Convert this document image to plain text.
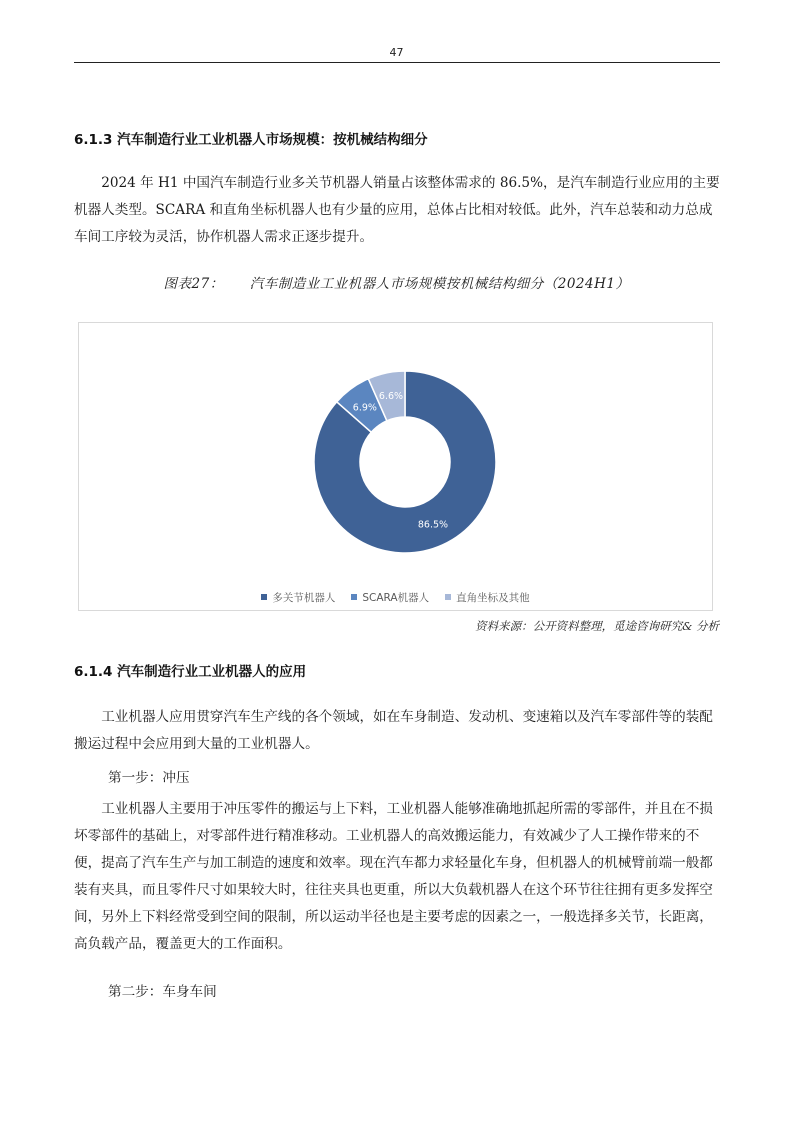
47
6.1.3 汽车制造行业工业机器人市场规模：按机械结构细分

2024 年 H1 中国汽车制造行业多关节机器人销量占该整体需求的 86.5%，是汽车制造行业应用的主要机器人类型。SCARA 和直角坐标机器人也有少量的应用，总体占比相对较低。此外，汽车总装和动力总成车间工序较为灵活，协作机器人需求正逐步提升。

图表27： 汽车制造业工业机器人市场规模按机械结构细分（2024H1）
86.5%
6.9%
6.6%
多关节机器人	SCARA机器人	直角坐标及其他
资料来源：公开资料整理，觅途咨询研究& 分析
6.1.4 汽车制造行业工业机器人的应用

工业机器人应用贯穿汽车生产线的各个领域，如在车身制造、发动机、变速箱以及汽车零部件等的装配搬运过程中会应用到大量的工业机器人。

第一步：冲压

工业机器人主要用于冲压零件的搬运与上下料，工业机器人能够准确地抓起所需的零部件，并且在不损坏零部件的基础上，对零部件进行精准移动。工业机器人的高效搬运能力，有效减少了人工操作带来的不便，提高了汽车生产与加工制造的速度和效率。现在汽车都力求轻量化车身，但机器人的机械臂前端一般都装有夹具，而且零件尺寸如果较大时，往往夹具也更重，所以大负载机器人在这个环节往往拥有更多发挥空间，另外上下料经常受到空间的限制，所以运动半径也是主要考虑的因素之一，一般选择多关节，长距离，高负载产品，覆盖更大的工作面积。

第二步：车身车间
